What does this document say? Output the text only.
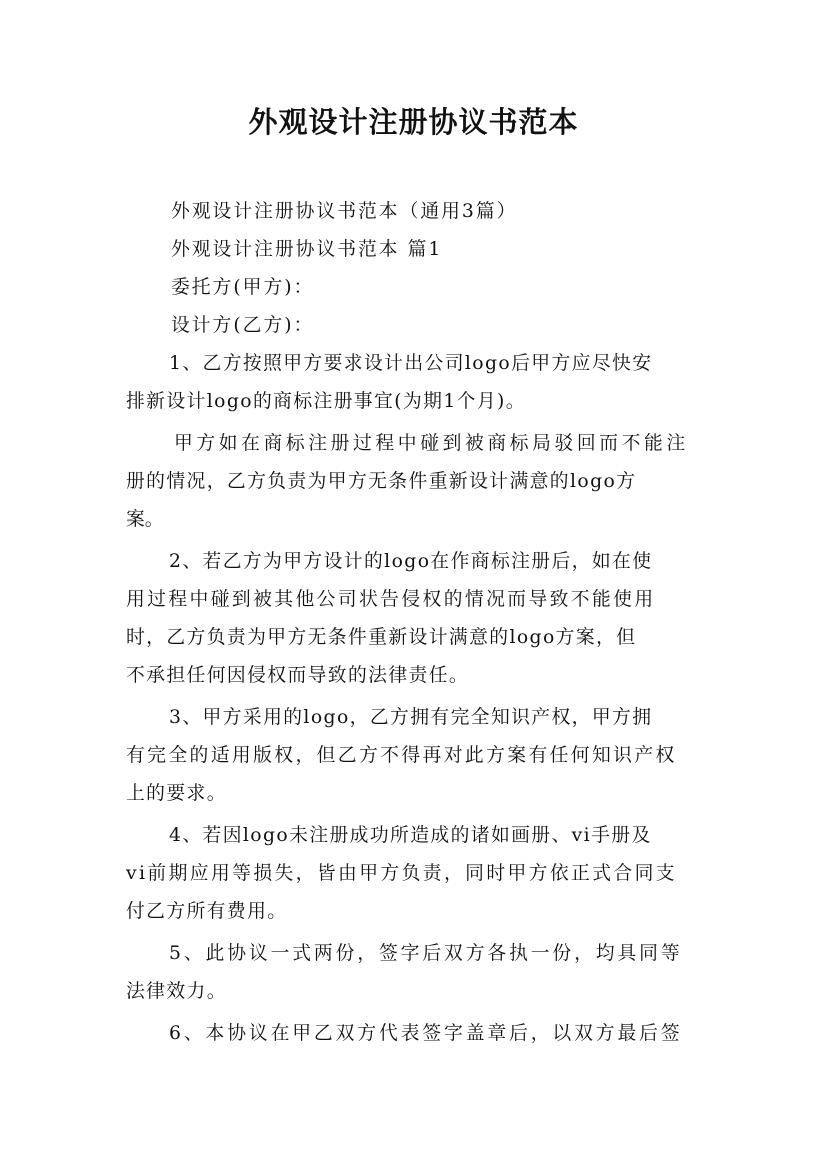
外观设计注册协议书范本
外观设计注册协议书范本（通用3篇）
外观设计注册协议书范本 篇1
委托方(甲方)：
设计方(乙方)：
1、乙方按照甲方要求设计出公司logo后甲方应尽快安
排新设计logo的商标注册事宜(为期1个月)。
甲方如在商标注册过程中碰到被商标局驳回而不能注
册的情况，乙方负责为甲方无条件重新设计满意的logo方
案。
2、若乙方为甲方设计的logo在作商标注册后，如在使
用过程中碰到被其他公司状告侵权的情况而导致不能使用
时，乙方负责为甲方无条件重新设计满意的logo方案，但
不承担任何因侵权而导致的法律责任。
3、甲方采用的logo，乙方拥有完全知识产权，甲方拥
有完全的适用版权，但乙方不得再对此方案有任何知识产权
上的要求。
4、若因logo未注册成功所造成的诸如画册、vi手册及
vi前期应用等损失，皆由甲方负责，同时甲方依正式合同支
付乙方所有费用。
5、此协议一式两份，签字后双方各执一份，均具同等
法律效力。
6、本协议在甲乙双方代表签字盖章后，以双方最后签
